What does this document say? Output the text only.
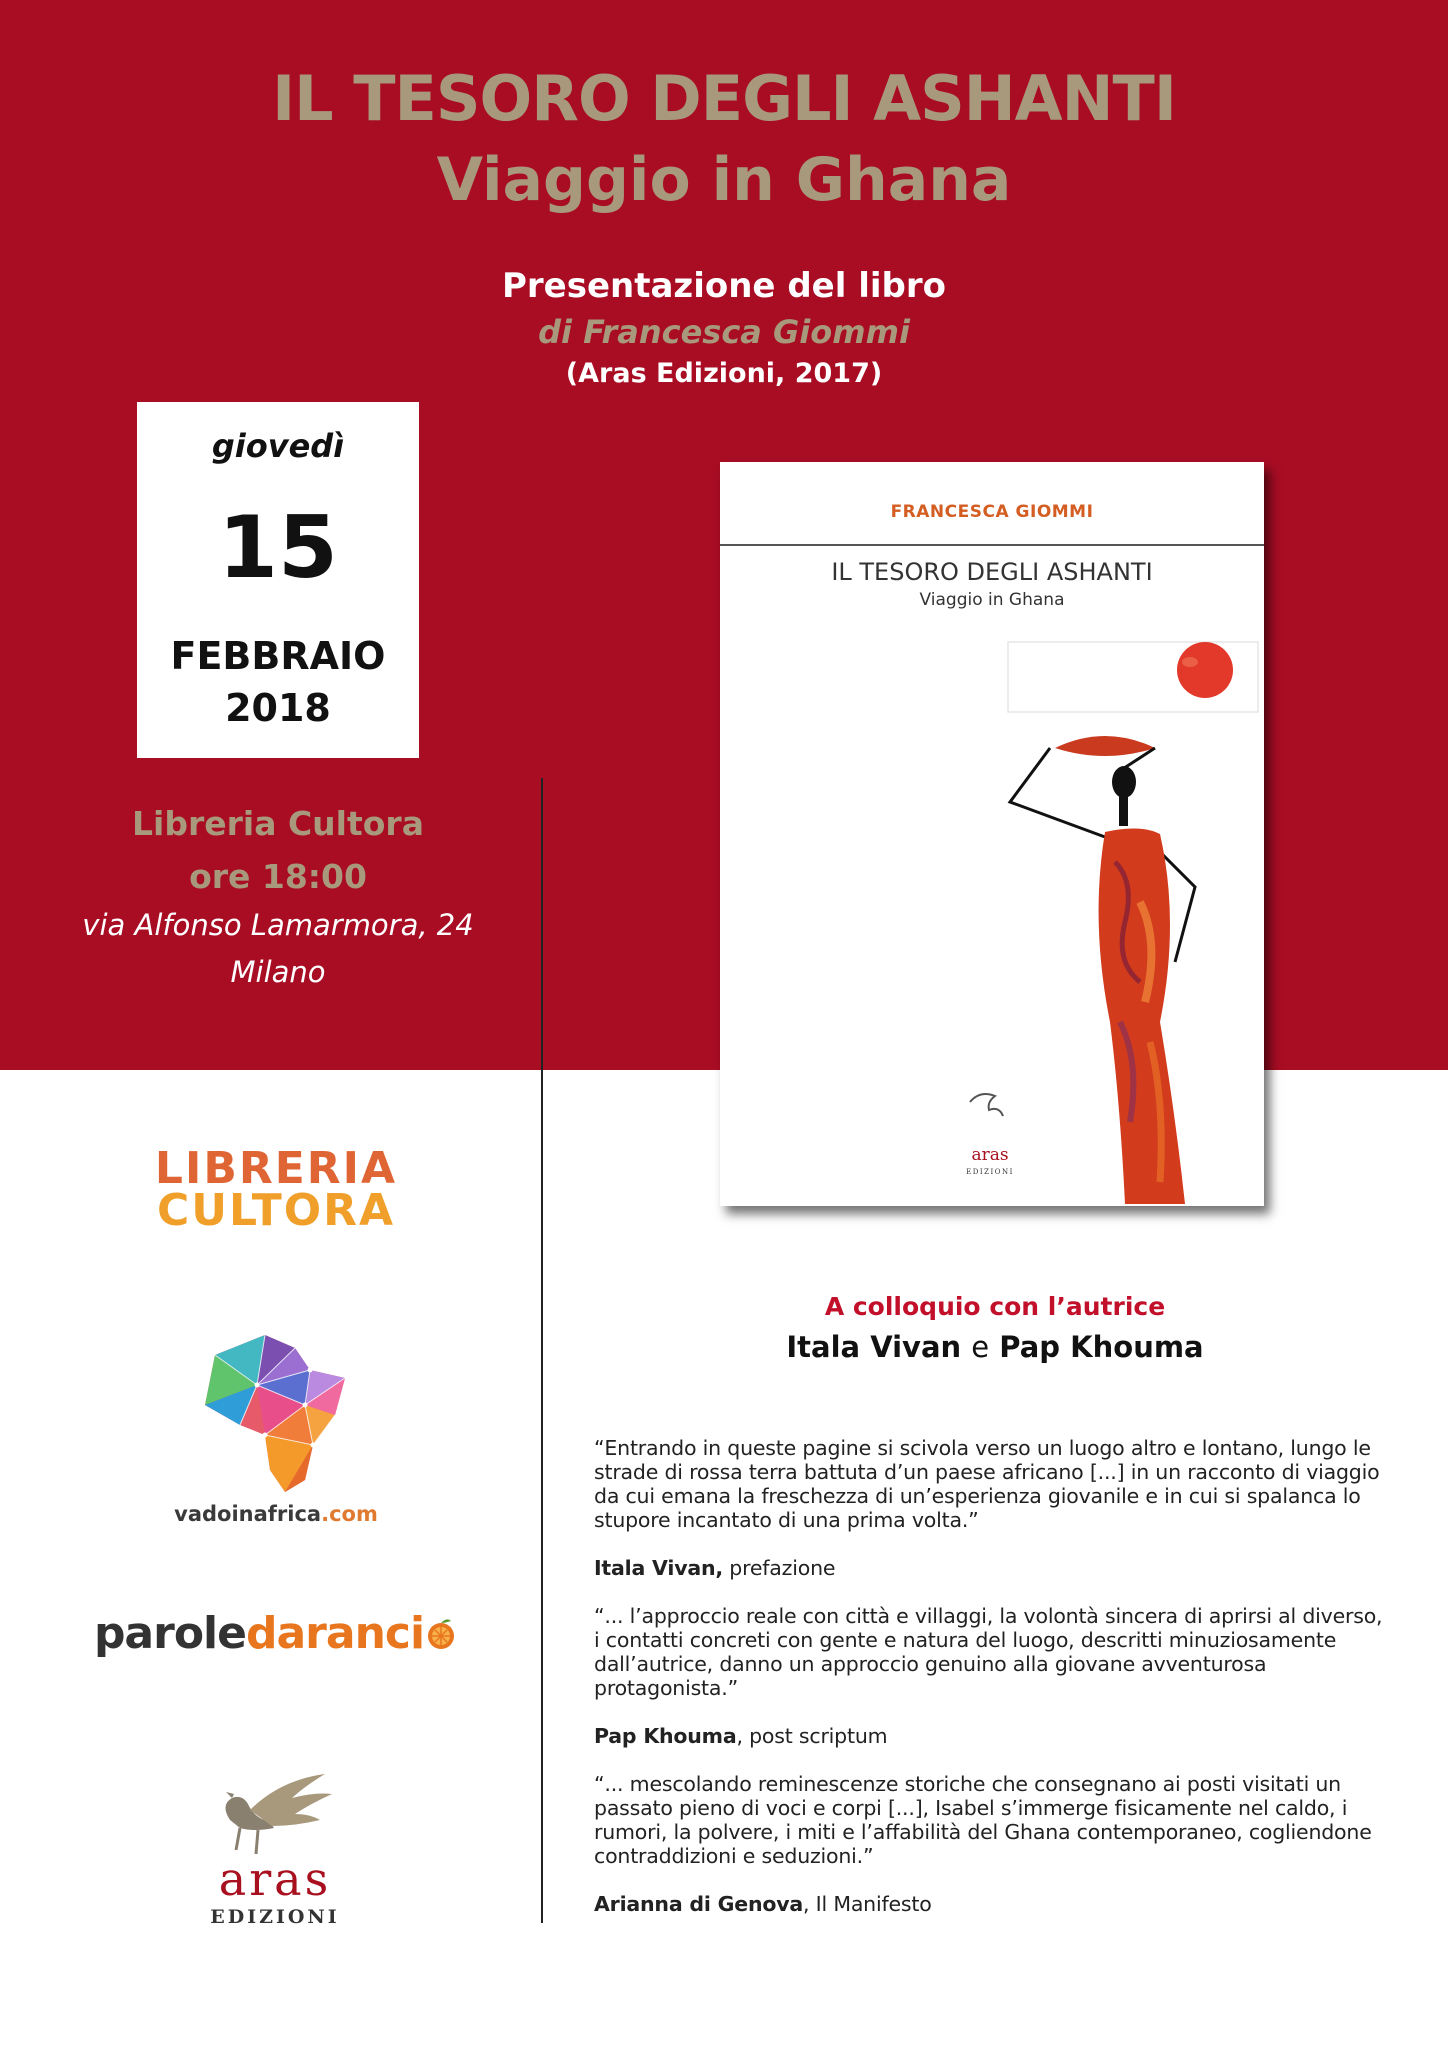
IL TESORO DEGLI ASHANTI
Viaggio in Ghana
Presentazione del libro
di Francesca Giommi
(Aras Edizioni, 2017)
giovedì
15
FEBBRAIO
2018
Libreria Cultora
ore 18:00
via Alfonso Lamarmora, 24
Milano
FRANCESCA GIOMMI
IL TESORO DEGLI ASHANTI
Viaggio in Ghana
aras
EDIZIONI
LIBRERIA
CULTORA
vadoinafrica.com
paroledaranci
aras
EDIZIONI
A colloquio con l’autrice
Itala Vivan e Pap Khouma

“Entrando in queste pagine si scivola verso un luogo altro e lontano, lungo le strade di rossa terra battuta d’un paese africano [...] in un racconto di viaggio da cui emana la freschezza di un’esperienza giovanile e in cui si spalanca lo stupore incantato di una prima volta.”

Itala Vivan, prefazione

“... l’approccio reale con città e villaggi, la volontà sincera di aprirsi al diverso, i contatti concreti con gente e natura del luogo, descritti minuziosamente dall’autrice, danno un approccio genuino alla giovane avventurosa protagonista.”

Pap Khouma, post scriptum

“... mescolando reminescenze storiche che consegnano ai posti visitati un passato pieno di voci e corpi [...], Isabel s’immerge fisicamente nel caldo, i rumori, la polvere, i miti e l’affabilità del Ghana contemporaneo, cogliendone contraddizioni e seduzioni.”

Arianna di Genova, Il Manifesto
